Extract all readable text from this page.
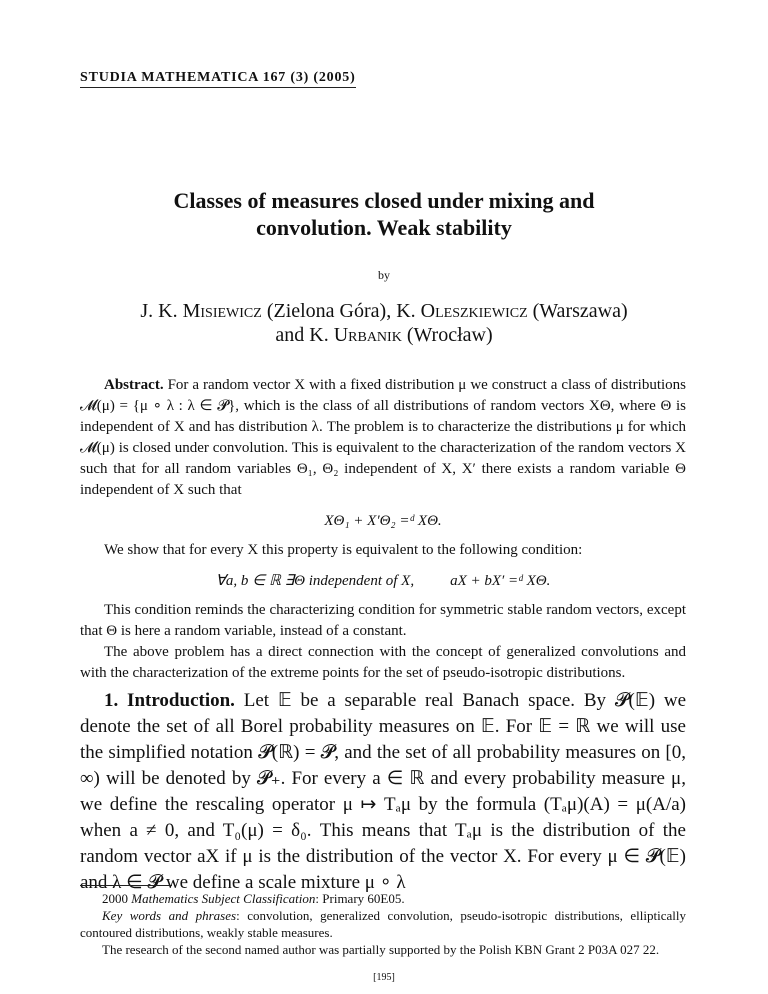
STUDIA MATHEMATICA 167 (3) (2005)
Classes of measures closed under mixing and
convolution. Weak stability
by
J. K. Misiewicz (Zielona Góra), K. Oleszkiewicz (Warszawa)
and K. Urbanik (Wrocław)

Abstract. For a random vector X with a fixed distribution μ we construct a class of distributions 𝓜(μ) = {μ ∘ λ : λ ∈ 𝓟}, which is the class of all distributions of random vectors XΘ, where Θ is independent of X and has distribution λ. The problem is to characterize the distributions μ for which 𝓜(μ) is closed under convolution. This is equivalent to the characterization of the random vectors X such that for all random variables Θ₁, Θ₂ independent of X, X′ there exists a random variable Θ independent of X such that

XΘ₁ + X′Θ₂ =ᵈ XΘ.

We show that for every X this property is equivalent to the following condition:

∀a, b ∈ ℝ ∃Θ independent of X, aX + bX′ =ᵈ XΘ.

This condition reminds the characterizing condition for symmetric stable random vectors, except that Θ is here a random variable, instead of a constant.

The above problem has a direct connection with the concept of generalized convolutions and with the characterization of the extreme points for the set of pseudo-isotropic distributions.

1. Introduction. Let 𝔼 be a separable real Banach space. By 𝓟(𝔼) we denote the set of all Borel probability measures on 𝔼. For 𝔼 = ℝ we will use the simplified notation 𝓟(ℝ) = 𝓟, and the set of all probability measures on [0, ∞) will be denoted by 𝓟₊. For every a ∈ ℝ and every probability measure μ, we define the rescaling operator μ ↦ Tₐμ by the formula (Tₐμ)(A) = μ(A/a) when a ≠ 0, and T₀(μ) = δ₀. This means that Tₐμ is the distribution of the random vector aX if μ is the distribution of the vector X. For every μ ∈ 𝓟(𝔼) and λ ∈ 𝓟 we define a scale mixture μ ∘ λ

2000 Mathematics Subject Classification: Primary 60E05.

Key words and phrases: convolution, generalized convolution, pseudo-isotropic distributions, elliptically contoured distributions, weakly stable measures.

The research of the second named author was partially supported by the Polish KBN Grant 2 P03A 027 22.

[195]
